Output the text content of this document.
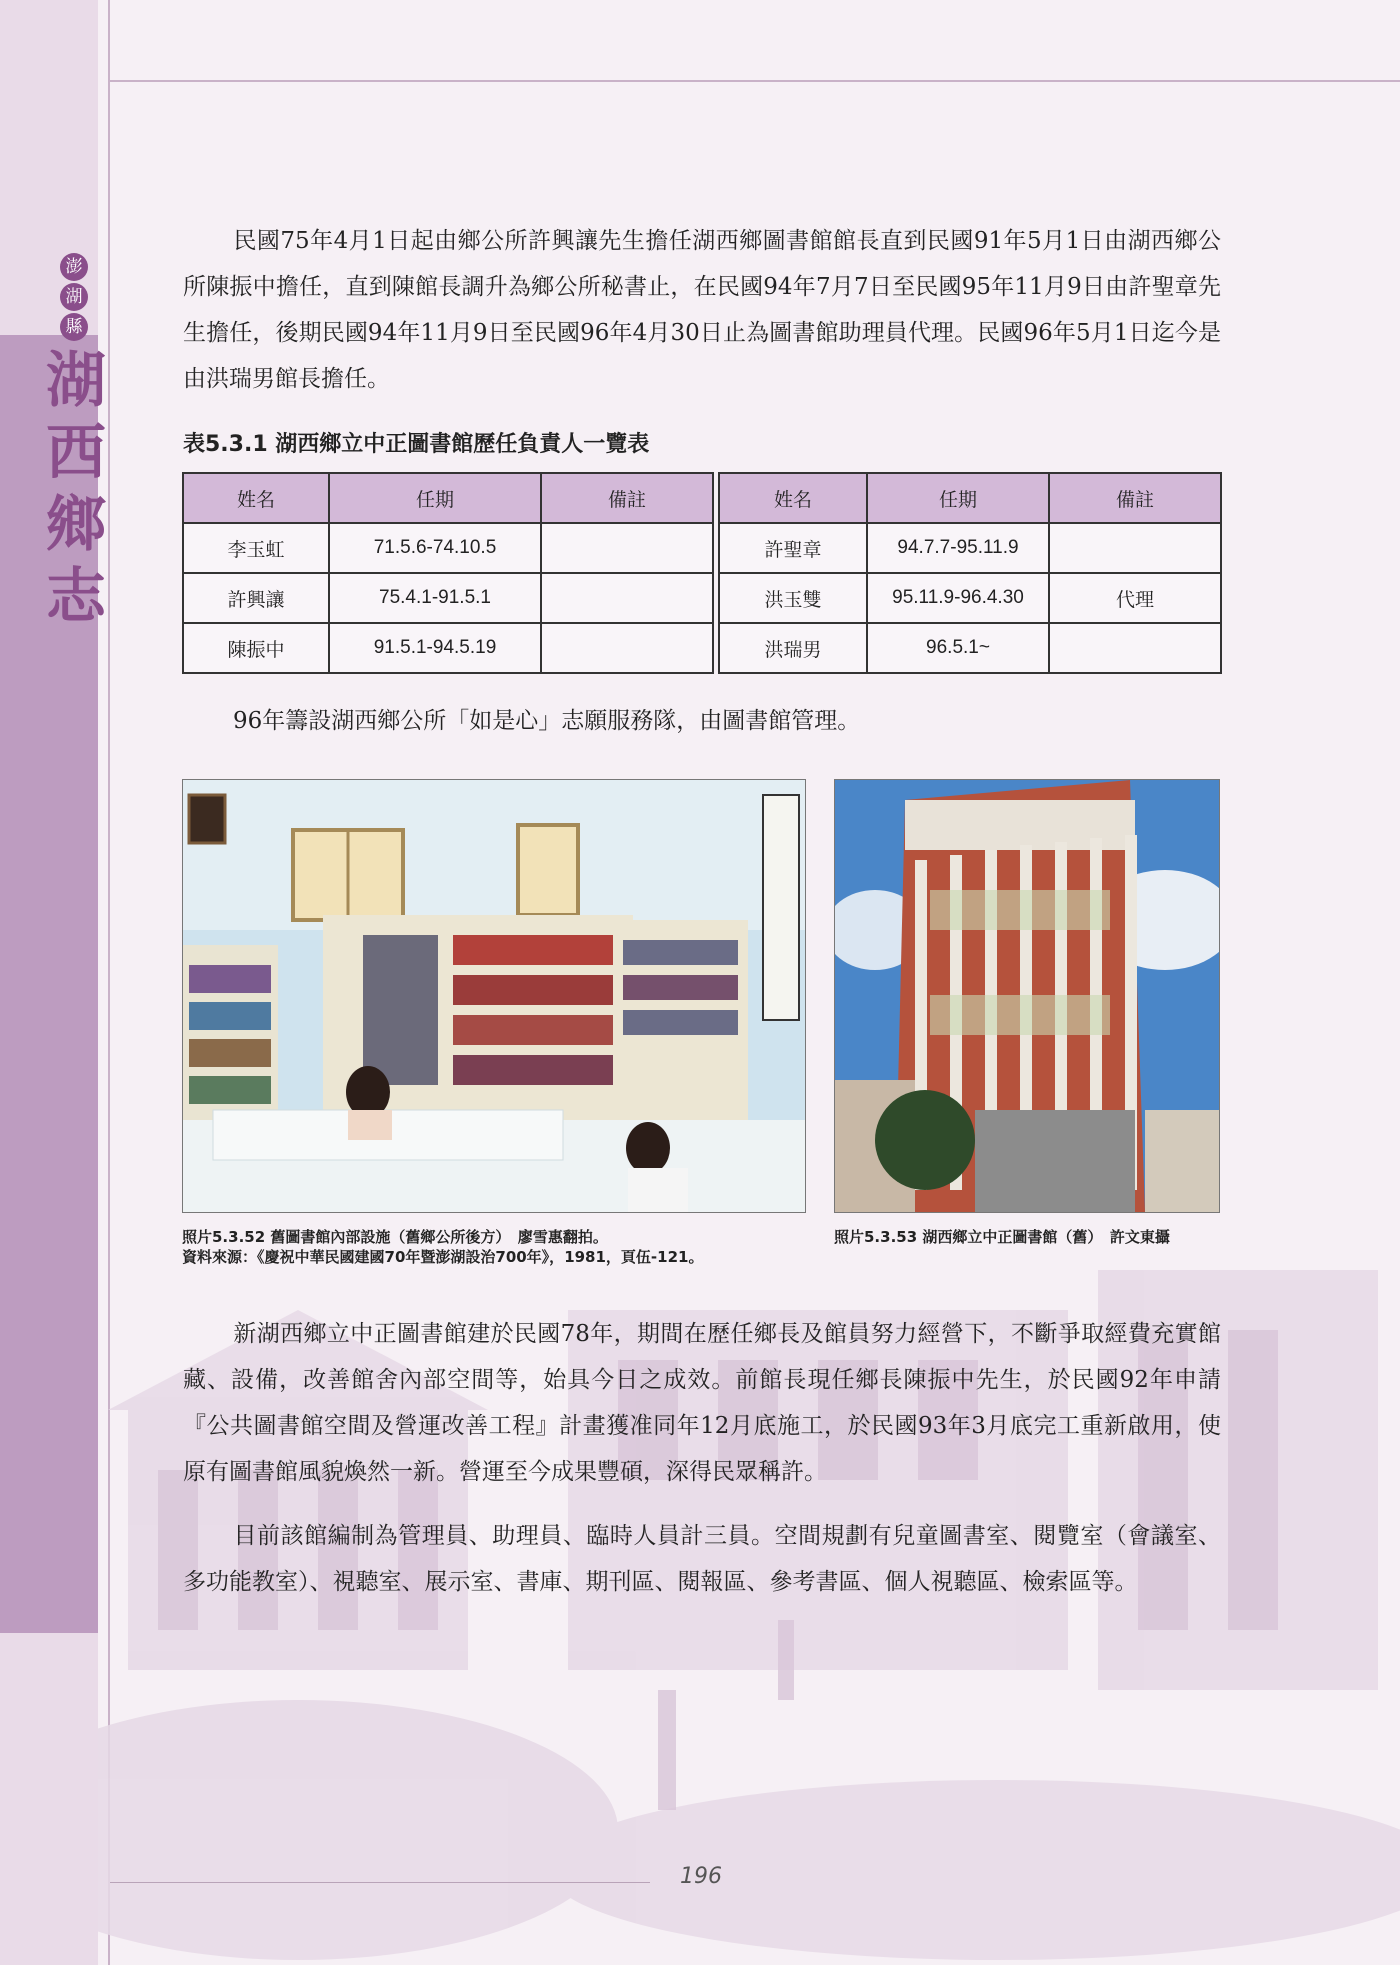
澎
湖
縣
湖
西
鄉
志

民國75年4月1日起由鄉公所許興讓先生擔任湖西鄉圖書館館長直到民國91年5月1日由湖西鄉公所陳振中擔任，直到陳館長調升為鄉公所秘書止，在民國94年7月7日至民國95年11月9日由許聖章先生擔任，後期民國94年11月9日至民國96年4月30日止為圖書館助理員代理。民國96年5月1日迄今是由洪瑞男館長擔任。

表5.3.1 湖西鄉立中正圖書館歷任負責人一覽表
姓名	任期	備註
李玉虹	71.5.6-74.10.5	
許興讓	75.4.1-91.5.1	
陳振中	91.5.1-94.5.19	
姓名	任期	備註
許聖章	94.7.7-95.11.9	
洪玉雙	95.11.9-96.4.30	代理
洪瑞男	96.5.1~	

96年籌設湖西鄉公所「如是心」志願服務隊，由圖書館管理。

照片5.3.52 舊圖書館內部設施（舊鄉公所後方）　廖雪惠翻拍。
資料來源：《慶祝中華民國建國70年暨澎湖設治700年》，1981，頁伍-121。
照片5.3.53 湖西鄉立中正圖書館（舊）　許文東攝

新湖西鄉立中正圖書館建於民國78年，期間在歷任鄉長及館員努力經營下，不斷爭取經費充實館藏、設備，改善館舍內部空間等，始具今日之成效。前館長現任鄉長陳振中先生，於民國92年申請『公共圖書館空間及營運改善工程』計畫獲准同年12月底施工，於民國93年3月底完工重新啟用，使原有圖書館風貌煥然一新。營運至今成果豐碩，深得民眾稱許。

目前該館編制為管理員、助理員、臨時人員計三員。空間規劃有兒童圖書室、閱覽室（會議室、多功能教室）、視聽室、展示室、書庫、期刊區、閱報區、參考書區、個人視聽區、檢索區等。

196
